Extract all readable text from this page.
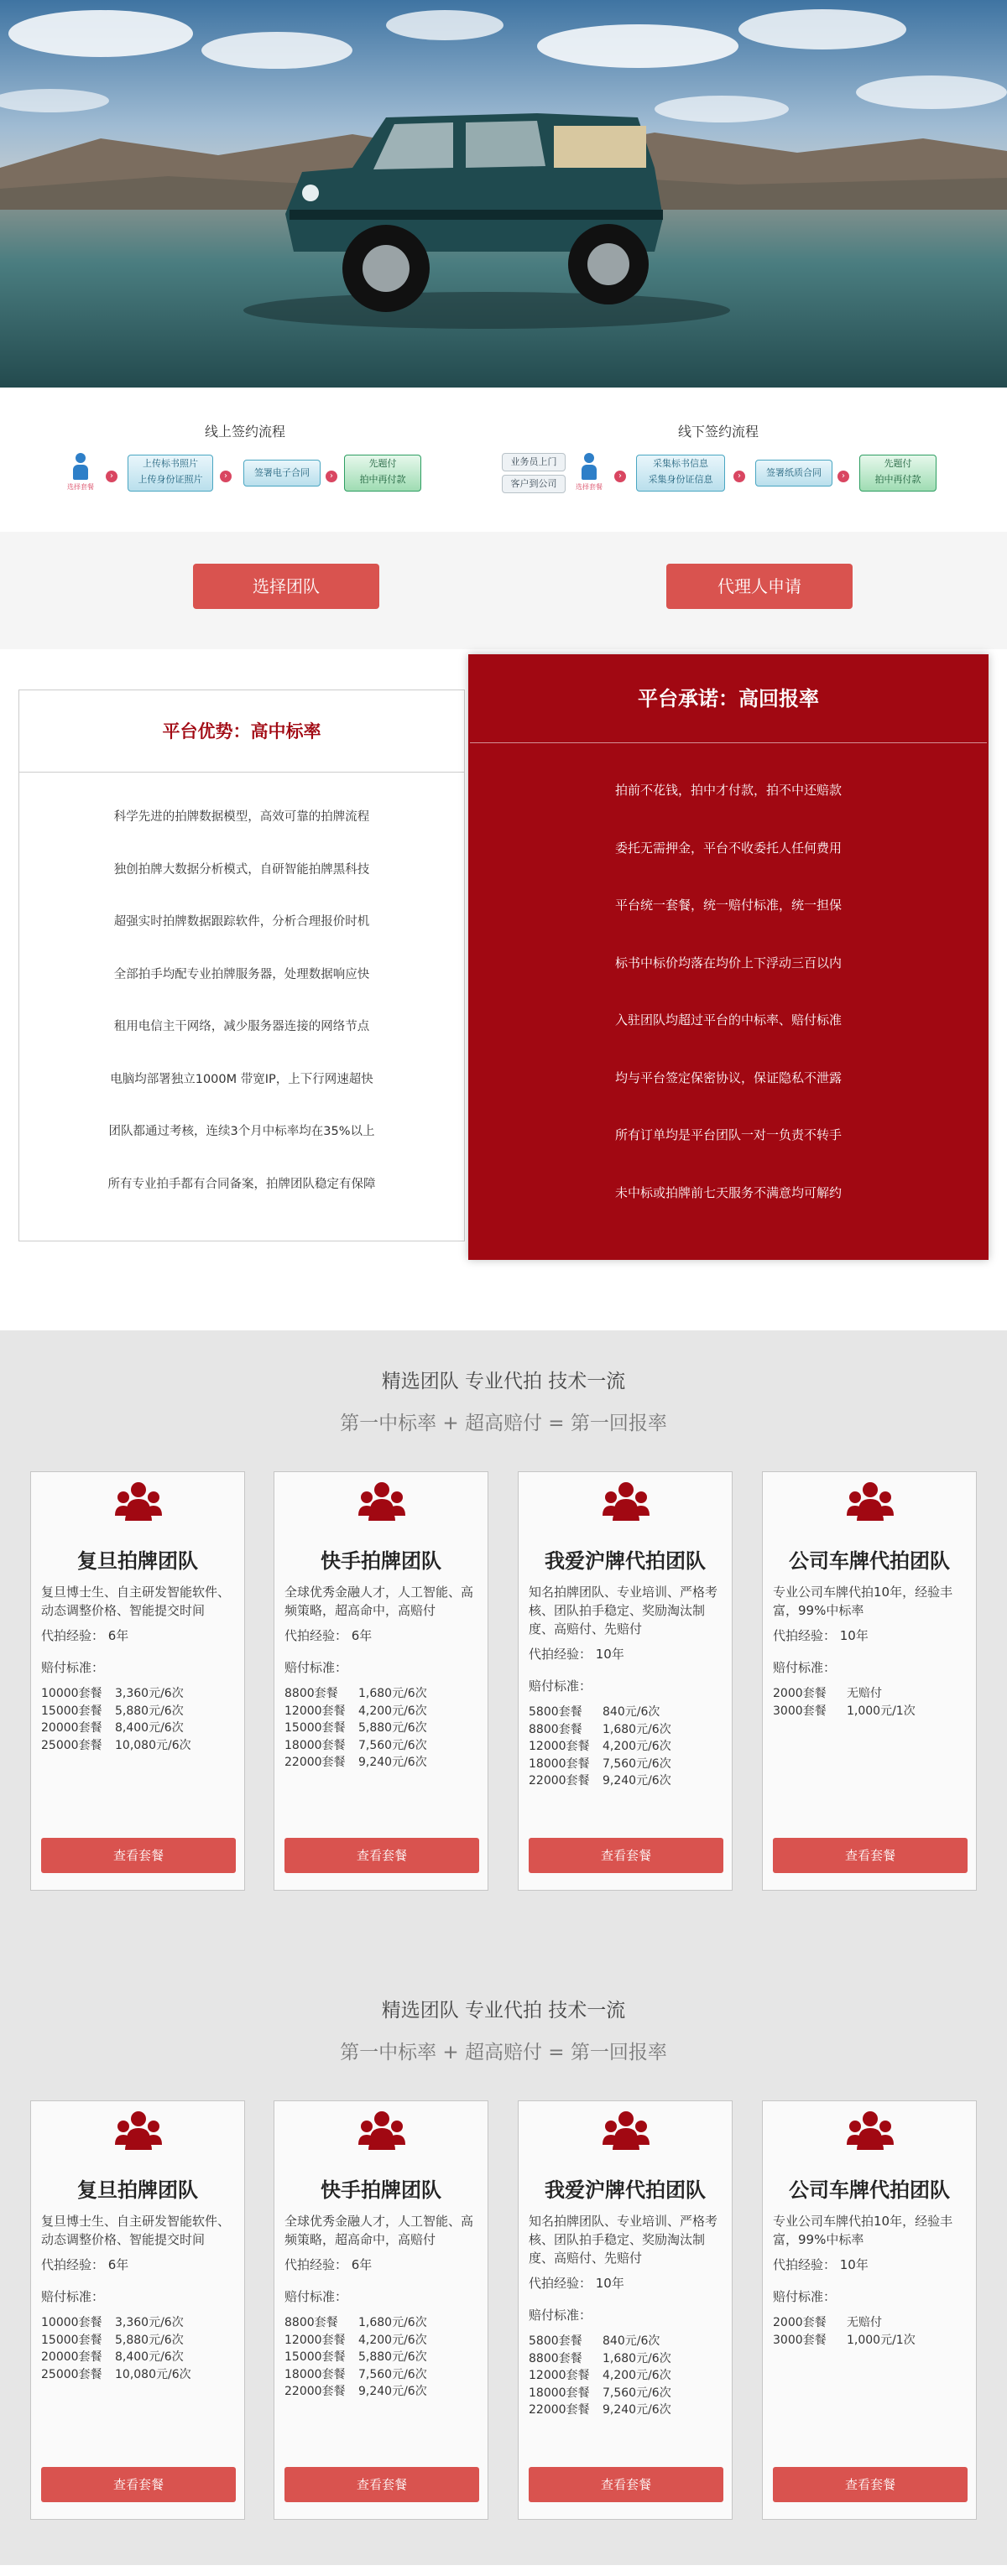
线上签约流程
选择套餐
›
上传标书照片
上传身份证照片	›	签署电子合同	›
先题付
拍中再付款
线下签约流程
业务员上门
客户到公司	选择套餐
›
采集标书信息
采集身份证信息	›	签署纸质合同	›
先题付
拍中再付款
选择团队	代理人申请
平台优势：高中标率
科学先进的拍牌数据模型，高效可靠的拍牌流程
独创拍牌大数据分析模式，自研智能拍牌黑科技
超强实时拍牌数据跟踪软件，分析合理报价时机
全部拍手均配专业拍牌服务器，处理数据响应快
租用电信主干网络，减少服务器连接的网络节点
电脑均部署独立1000M 带宽IP，上下行网速超快
团队都通过考核，连续3个月中标率均在35%以上
所有专业拍手都有合同备案，拍牌团队稳定有保障
平台承诺：高回报率
拍前不花钱，拍中才付款，拍不中还赔款
委托无需押金，平台不收委托人任何费用
平台统一套餐，统一赔付标准，统一担保
标书中标价均落在均价上下浮动三百以内
入驻团队均超过平台的中标率、赔付标准
均与平台签定保密协议，保证隐私不泄露
所有订单均是平台团队一对一负责不转手
未中标或拍牌前七天服务不满意均可解约
精选团队 专业代拍 技术一流
第一中标率 + 超高赔付 = 第一回报率
复旦拍牌团队
复旦博士生、自主研发智能软件、动态调整价格、智能提交时间
代拍经验： 6年
赔付标准：
10000套餐 3,360元/6次
15000套餐 5,880元/6次
20000套餐 8,400元/6次
25000套餐 10,080元/6次
查看套餐
快手拍牌团队
全球优秀金融人才，人工智能、高频策略，超高命中，高赔付
代拍经验： 6年
赔付标准：
8800套餐 1,680元/6次
12000套餐 4,200元/6次
15000套餐 5,880元/6次
18000套餐 7,560元/6次
22000套餐 9,240元/6次
查看套餐
我爱沪牌代拍团队
知名拍牌团队、专业培训、严格考核、团队拍手稳定、奖励淘汰制度、高赔付、先赔付
代拍经验： 10年
赔付标准：
5800套餐 840元/6次
8800套餐 1,680元/6次
12000套餐 4,200元/6次
18000套餐 7,560元/6次
22000套餐 9,240元/6次
查看套餐
公司车牌代拍团队
专业公司车牌代拍10年，经验丰富，99%中标率
代拍经验： 10年
赔付标准：
2000套餐 无赔付
3000套餐 1,000元/1次
查看套餐
精选团队 专业代拍 技术一流
第一中标率 + 超高赔付 = 第一回报率
复旦拍牌团队
复旦博士生、自主研发智能软件、动态调整价格、智能提交时间
代拍经验： 6年
赔付标准：
10000套餐 3,360元/6次
15000套餐 5,880元/6次
20000套餐 8,400元/6次
25000套餐 10,080元/6次
查看套餐
快手拍牌团队
全球优秀金融人才，人工智能、高频策略，超高命中，高赔付
代拍经验： 6年
赔付标准：
8800套餐 1,680元/6次
12000套餐 4,200元/6次
15000套餐 5,880元/6次
18000套餐 7,560元/6次
22000套餐 9,240元/6次
查看套餐
我爱沪牌代拍团队
知名拍牌团队、专业培训、严格考核、团队拍手稳定、奖励淘汰制度、高赔付、先赔付
代拍经验： 10年
赔付标准：
5800套餐 840元/6次
8800套餐 1,680元/6次
12000套餐 4,200元/6次
18000套餐 7,560元/6次
22000套餐 9,240元/6次
查看套餐
公司车牌代拍团队
专业公司车牌代拍10年，经验丰富，99%中标率
代拍经验： 10年
赔付标准：
2000套餐 无赔付
3000套餐 1,000元/1次
查看套餐
